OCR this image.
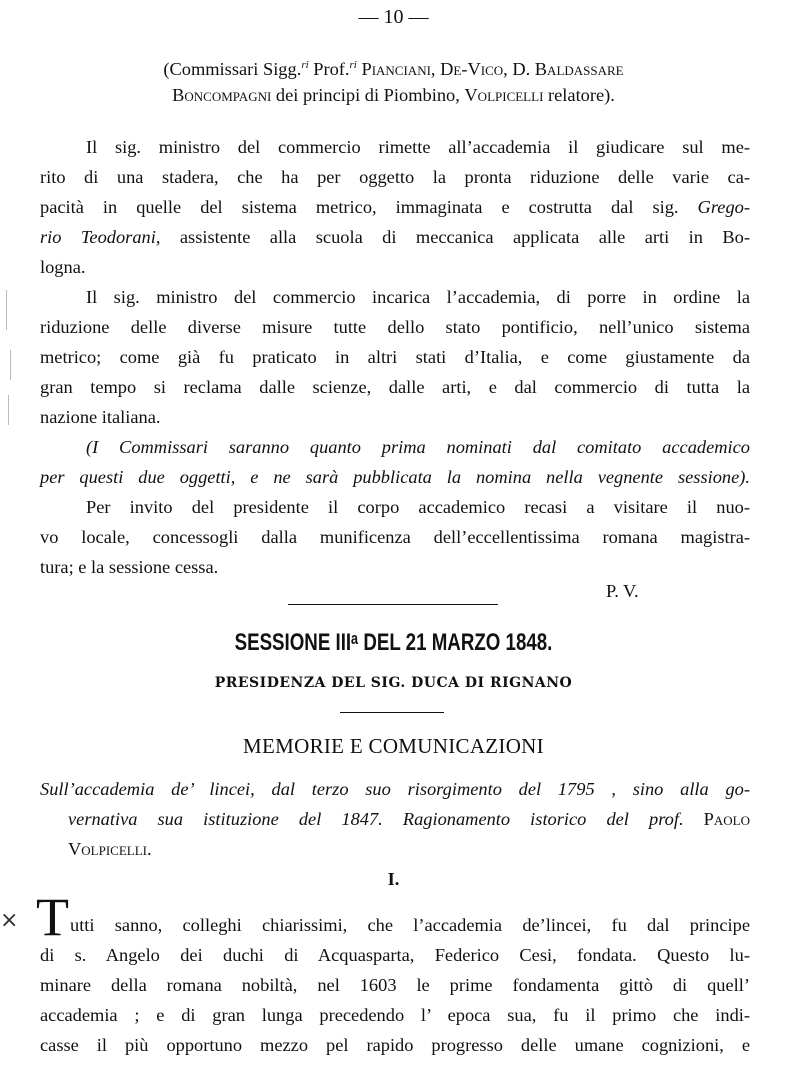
— 10 —
(Commissari Sigg.$^{ri}$ Prof.$^{ri}$ Pianciani, De-Vico, D. Baldassare
Boncompagni dei principi di Piombino, Volpicelli relatore).
Il sig. ministro del commercio rimette all’accademia il giudicare sul me-
rito di una stadera, che ha per oggetto la pronta riduzione delle varie ca-
pacità in quelle del sistema metrico, immaginata e costrutta dal sig. Grego-
rio Teodorani, assistente alla scuola di meccanica applicata alle arti in Bo-
logna.
Il sig. ministro del commercio incarica l’accademia, di porre in ordine la
riduzione delle diverse misure tutte dello stato pontificio, nell’unico sistema
metrico; come già fu praticato in altri stati d’Italia, e come giustamente da
gran tempo si reclama dalle scienze, dalle arti, e dal commercio di tutta la
nazione italiana.
(I Commissari saranno quanto prima nominati dal comitato accademico
per questi due oggetti, e ne sarà pubblicata la nomina nella vegnente sessione).
Per invito del presidente il corpo accademico recasi a visitare il nuo-
vo locale, concessogli dalla munificenza dell’eccellentissima romana magistra-
tura; e la sessione cessa.
P. V.
SESSIONE IIIᵃ DEL 21 MARZO 1848.
PRESIDENZA DEL SIG. DUCA DI RIGNANO
MEMORIE E COMUNICAZIONI
Sull’accademia de’ lincei, dal terzo suo risorgimento del 1795 , sino alla go-
vernativa sua istituzione del 1847. Ragionamento istorico del prof. Paolo
Volpicelli.
I.
× T utti sanno, colleghi chiarissimi, che l’accademia de’lincei, fu dal principe
di s. Angelo dei duchi di Acquasparta, Federico Cesi, fondata. Questo lu-
minare della romana nobiltà, nel 1603 le prime fondamenta gittò di quell’
accademia ; e di gran lunga precedendo l’ epoca sua, fu il primo che indi-
casse il più opportuno mezzo pel rapido progresso delle umane cognizioni, e
